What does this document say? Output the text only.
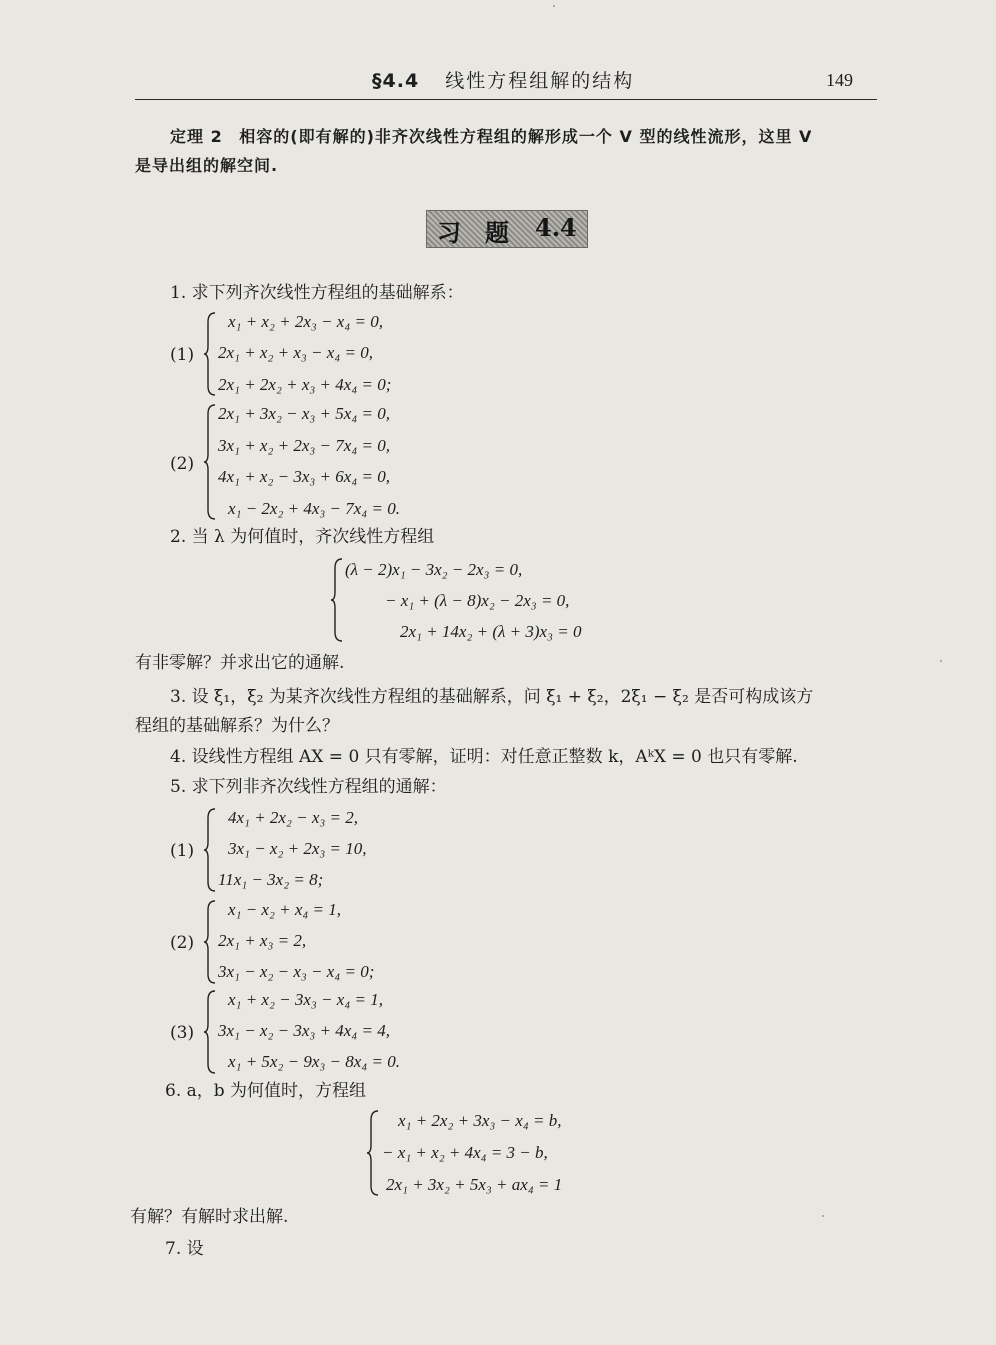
§4.4 线性方程组解的结构	149
定理 2 相容的(即有解的)非齐次线性方程组的解形成一个 V 型的线性流形，这里 V
是导出组的解空间.
习 题 4.4
1. 求下列齐次线性方程组的基础解系：
(1)
x₁ + x₂ + 2x₃ − x₄ = 0,
2x₁ + x₂ + x₃ − x₄ = 0,
2x₁ + 2x₂ + x₃ + 4x₄ = 0;
(2)
2x₁ + 3x₂ − x₃ + 5x₄ = 0,
3x₁ + x₂ + 2x₃ − 7x₄ = 0,
4x₁ + x₂ − 3x₃ + 6x₄ = 0,
x₁ − 2x₂ + 4x₃ − 7x₄ = 0.
2. 当 λ 为何值时，齐次线性方程组
(λ − 2)x₁ − 3x₂ − 2x₃ = 0,
− x₁ + (λ − 8)x₂ − 2x₃ = 0,
2x₁ + 14x₂ + (λ + 3)x₃ = 0
有非零解？并求出它的通解.
3. 设 ξ₁，ξ₂ 为某齐次线性方程组的基础解系，问 ξ₁ + ξ₂，2ξ₁ − ξ₂ 是否可构成该方
程组的基础解系？为什么？
4. 设线性方程组 AX = 0 只有零解，证明：对任意正整数 k，AᵏX = 0 也只有零解.
5. 求下列非齐次线性方程组的通解：
(1)
4x₁ + 2x₂ − x₃ = 2,
3x₁ − x₂ + 2x₃ = 10,
11x₁ − 3x₂ = 8;
(2)
x₁ − x₂ + x₄ = 1,
2x₁ + x₃ = 2,
3x₁ − x₂ − x₃ − x₄ = 0;
(3)
x₁ + x₂ − 3x₃ − x₄ = 1,
3x₁ − x₂ − 3x₃ + 4x₄ = 4,
x₁ + 5x₂ − 9x₃ − 8x₄ = 0.
6. a，b 为何值时，方程组
x₁ + 2x₂ + 3x₃ − x₄ = b,
− x₁ + x₂ + 4x₄ = 3 − b,
2x₁ + 3x₂ + 5x₃ + ax₄ = 1
有解？有解时求出解.
7. 设
